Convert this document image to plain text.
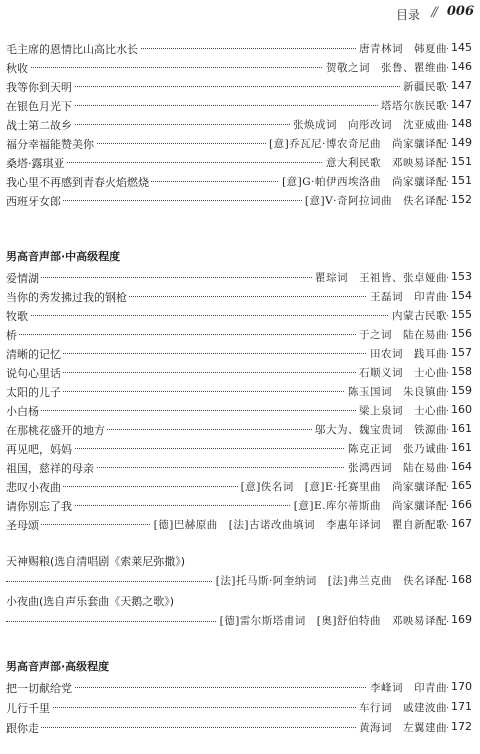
目录 // 006
毛主席的恩情比山高比水长	唐青林词　韩夏曲 145
秋收	贺敬之词　张鲁、瞿维曲 146
我等你到天明	新疆民歌 147
在银色月光下	塔塔尔族民歌 147
战士第二故乡	张焕成词　向彤改词　沈亚威曲 148
福分幸福能赞美你	[意]乔瓦尼·博农奇尼曲　尚家骧译配 149
桑塔·露琪亚	意大利民歌　邓映易译配 151
我心里不再感到青春火焰燃烧	[意]G·帕伊西埃洛曲　尚家骧译配 151
西班牙女郎	[意]V·奇阿拉词曲　佚名译配 152
男高音声部·中高级程度
爱情湖	瞿琮词　王祖皆、张卓娅曲 153
当你的秀发拂过我的钢枪	王磊词　印青曲 154
牧歌	内蒙古民歌 155
桥	于之词　陆在易曲 156
清晰的记忆	田农词　践耳曲 157
说句心里话	石顺义词　士心曲 158
太阳的儿子	陈玉国词　朱良镇曲 159
小白杨	梁上泉词　士心曲 160
在那桃花盛开的地方	邬大为、魏宝贵词　铁源曲 161
再见吧，妈妈	陈克正词　张乃诚曲 161
祖国，慈祥的母亲	张鸿西词　陆在易曲 164
悲叹小夜曲	[意]佚名词　[意]E·托赛里曲　尚家骧译配 165
请你别忘了我	[意]E.库尔蒂斯曲　尚家骧译配 166
圣母颂	[德]巴赫原曲　[法]古诺改曲填词　李惠年译词　瞿自新配歌 167
天神赐粮(选自清唱剧《索莱尼弥撒》)
[法]托马斯·阿奎纳词　[法]弗兰克曲　佚名译配 168
小夜曲(选自声乐套曲《天鹅之歌》)
[德]雷尔斯塔甫词　[奥]舒伯特曲　邓映易译配 169
男高音声部·高级程度
把一切献给党	李峰词　印青曲 170
儿行千里	车行词　戚建波曲 171
跟你走	黄海词　左翼建曲 172
